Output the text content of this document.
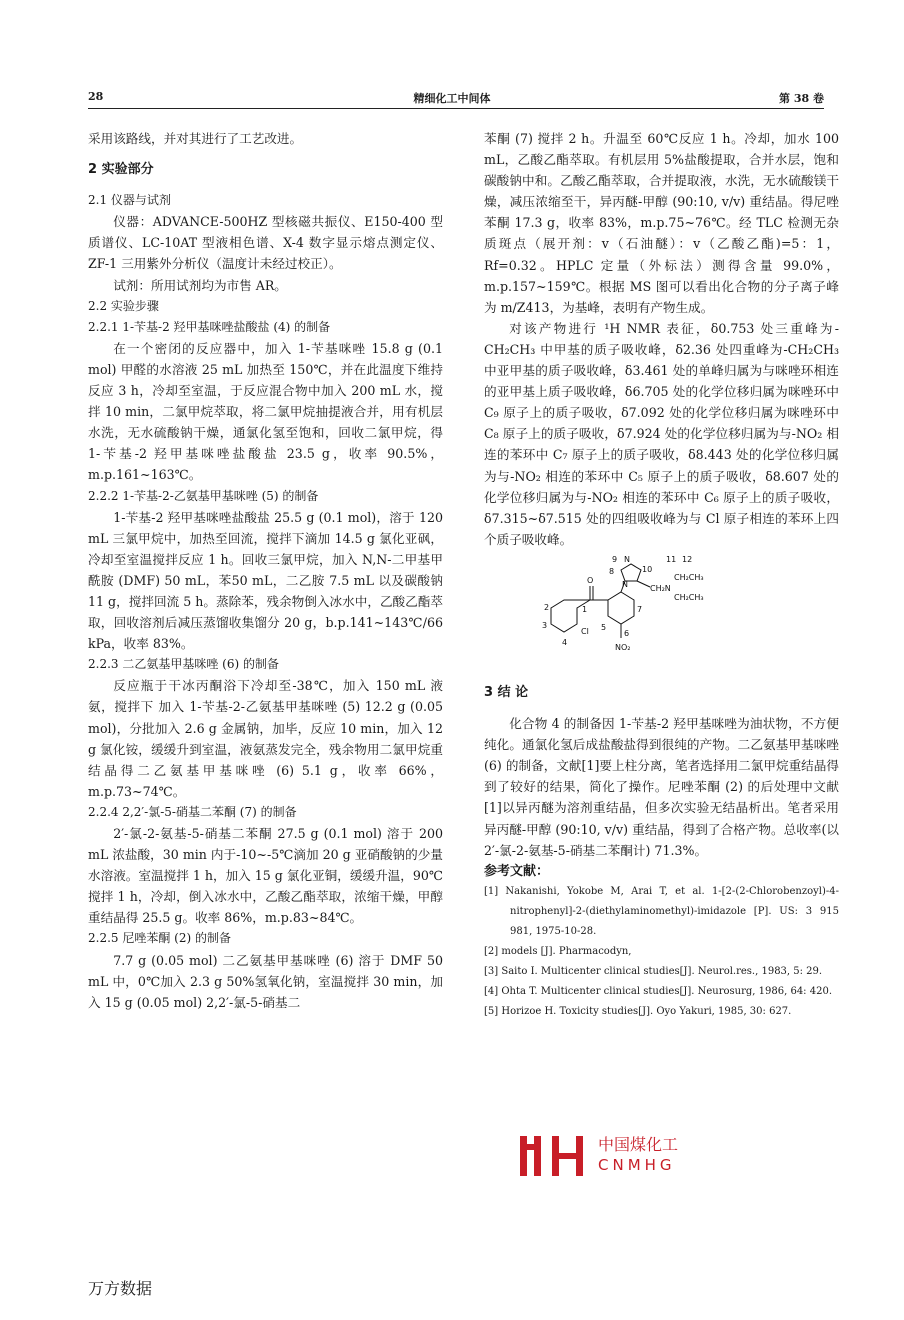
28	精细化工中间体	第 38 卷

采用该路线，并对其进行了工艺改进。

2 实验部分

2.1 仪器与试剂

仪器：ADVANCE-500HZ 型核磁共振仪、E150-400 型质谱仪、LC-10AT 型液相色谱、X-4 数字显示熔点测定仪、ZF-1 三用紫外分析仪（温度计未经过校正）。

试剂：所用试剂均为市售 AR。

2.2 实验步骤

2.2.1 1-苄基-2 羟甲基咪唑盐酸盐 (4) 的制备

在一个密闭的反应器中，加入 1-苄基咪唑 15.8 g (0.1 mol) 甲醛的水溶液 25 mL 加热至 150℃，并在此温度下维持反应 3 h，冷却至室温，于反应混合物中加入 200 mL 水，搅拌 10 min，二氯甲烷萃取，将二氯甲烷抽提液合并，用有机层水洗，无水硫酸钠干燥，通氯化氢至饱和，回收二氯甲烷，得 1-苄基-2 羟甲基咪唑盐酸盐 23.5 g，收率 90.5%，m.p.161~163℃。

2.2.2 1-苄基-2-乙氨基甲基咪唑 (5) 的制备

1-苄基-2 羟甲基咪唑盐酸盐 25.5 g (0.1 mol)，溶于 120 mL 三氯甲烷中，加热至回流，搅拌下滴加 14.5 g 氯化亚砜，冷却至室温搅拌反应 1 h。回收三氯甲烷，加入 N,N-二甲基甲酰胺 (DMF) 50 mL，苯50 mL，二乙胺 7.5 mL 以及碳酸钠 11 g，搅拌回流 5 h。蒸除苯，残余物倒入冰水中，乙酸乙酯萃取，回收溶剂后减压蒸馏收集馏分 20 g，b.p.141~143℃/66 kPa，收率 83%。

2.2.3 二乙氨基甲基咪唑 (6) 的制备

反应瓶于干冰丙酮浴下冷却至-38℃，加入 150 mL 液氨，搅拌下 加入 1-苄基-2-乙氨基甲基咪唑 (5) 12.2 g (0.05 mol)，分批加入 2.6 g 金属钠，加毕，反应 10 min，加入 12 g 氯化铵，缓缓升到室温，液氨蒸发完全，残余物用二氯甲烷重结晶得二乙氨基甲基咪唑 (6) 5.1 g，收率 66%，m.p.73~74℃。

2.2.4 2,2′-氯-5-硝基二苯酮 (7) 的制备

2′-氯-2-氨基-5-硝基二苯酮 27.5 g (0.1 mol) 溶于 200 mL 浓盐酸，30 min 内于-10~-5℃滴加 20 g 亚硝酸钠的少量水溶液。室温搅拌 1 h，加入 15 g 氯化亚铜，缓缓升温，90℃搅拌 1 h，冷却，倒入冰水中，乙酸乙酯萃取，浓缩干燥，甲醇重结晶得 25.5 g。收率 86%，m.p.83~84℃。

2.2.5 尼唑苯酮 (2) 的制备

7.7 g (0.05 mol) 二乙氨基甲基咪唑 (6) 溶于 DMF 50 mL 中，0℃加入 2.3 g 50%氢氧化钠，室温搅拌 30 min，加入 15 g (0.05 mol) 2,2′-氯-5-硝基二

苯酮 (7) 搅拌 2 h。升温至 60℃反应 1 h。冷却，加水 100 mL，乙酸乙酯萃取。有机层用 5%盐酸提取，合并水层，饱和碳酸钠中和。乙酸乙酯萃取，合并提取液，水洗，无水硫酸镁干燥，减压浓缩至干，异丙醚-甲醇 (90:10, v/v) 重结晶。得尼唑苯酮 17.3 g，收率 83%，m.p.75~76℃。经 TLC 检测无杂质斑点（展开剂：v（石油醚）：v（乙酸乙酯)=5：1，Rf=0.32。HPLC 定量（外标法）测得含量 99.0%，m.p.157~159℃。根据 MS 图可以看出化合物的分子离子峰为 m/Z413，为基峰，表明有产物生成。

对该产物进行 ¹H NMR 表征，δ0.753 处三重峰为-CH₂CH₃ 中甲基的质子吸收峰，δ2.36 处四重峰为-CH₂CH₃ 中亚甲基的质子吸收峰，δ3.461 处的单峰归属为与咪唑环相连的亚甲基上质子吸收峰，δ6.705 处的化学位移归属为咪唑环中 C₉ 原子上的质子吸收，δ7.092 处的化学位移归属为咪唑环中 C₈ 原子上的质子吸收，δ7.924 处的化学位移归属为与-NO₂ 相连的苯环中 C₇ 原子上的质子吸收，δ8.443 处的化学位移归属为与-NO₂ 相连的苯环中 C₅ 原子上的质子吸收，δ8.607 处的化学位移归属为与-NO₂ 相连的苯环中 C₆ 原子上的质子吸收，δ7.315~δ7.515 处的四组吸收峰为与 Cl 原子相连的苯环上四个质子吸收峰。

9
8	10
11 12
N
N	CH₂N
CH₂CH₃
CH₂CH₃
O
1
2
3
4
5
6
7
Cl
NO₂

3 结 论

化合物 4 的制备因 1-苄基-2 羟甲基咪唑为油状物，不方便纯化。通氯化氢后成盐酸盐得到很纯的产物。二乙氨基甲基咪唑 (6) 的制备，文献[1]要上柱分离，笔者选择用二氯甲烷重结晶得到了较好的结果，简化了操作。尼唑苯酮 (2) 的后处理中文献[1]以异丙醚为溶剂重结晶，但多次实验无结晶析出。笔者采用异丙醚-甲醇 (90:10, v/v) 重结晶，得到了合格产物。总收率(以 2′-氯-2-氨基-5-硝基二苯酮计) 71.3%。

参考文献：

[1] Nakanishi, Yokobe M, Arai T, et al. 1-[2-(2-Chlorobenzoyl)-4-nitrophenyl]-2-(diethylaminomethyl)-imidazole [P]. US: 3 915 981, 1975-10-28.

[2] models [J]. Pharmacodyn,

[3] Saito I. Multicenter clinical studies[J]. Neurol.res., 1983, 5: 29.

[4] Ohta T. Multicenter clinical studies[J]. Neurosurg, 1986, 64: 420.

[5] Horizoe H. Toxicity studies[J]. Oyo Yakuri, 1985, 30: 627.

中国煤化工
CNMHG
万方数据
